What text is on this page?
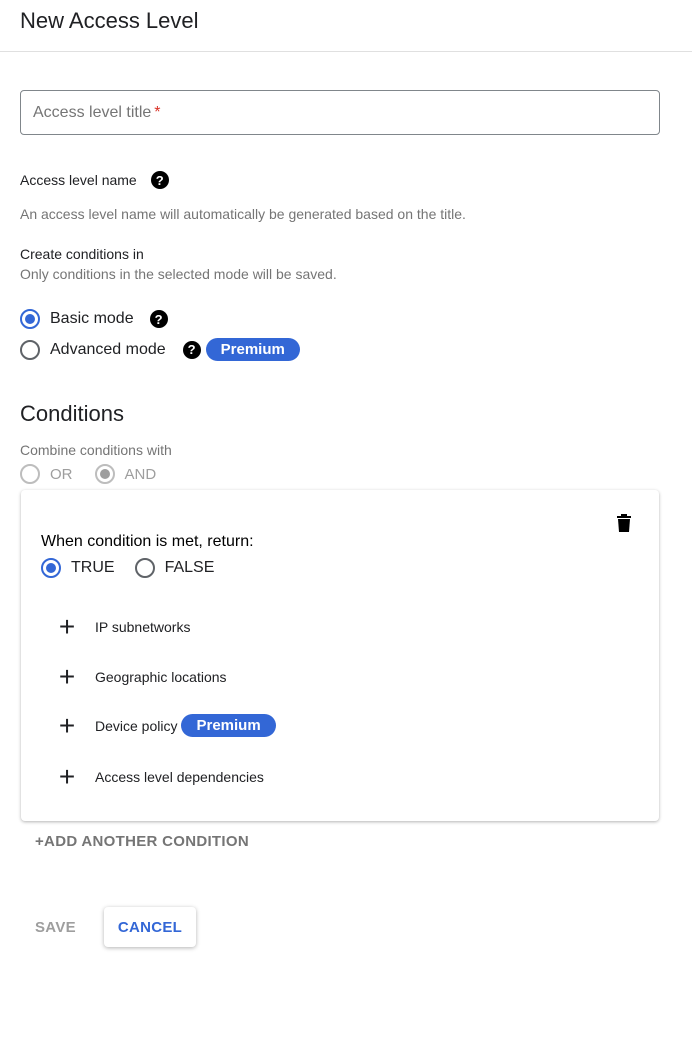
New Access Level
Access level title *
Access level name	?
An access level name will automatically be generated based on the title.
Create conditions in
Only conditions in the selected mode will be saved.
Basic mode	?
Advanced mode	?	Premium
Conditions
Combine conditions with
OR	AND
When condition is met, return:
TRUE	FALSE
+ IP subnetworks
+ Geographic locations
+ Device policy	Premium
+ Access level dependencies
+ADD ANOTHER CONDITION
SAVE	CANCEL
